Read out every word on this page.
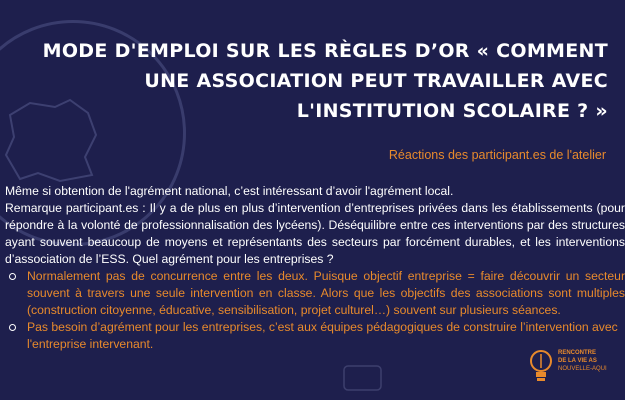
MODE D'EMPLOI SUR LES RÈGLES D’OR « COMMENT
UNE ASSOCIATION PEUT TRAVAILLER AVEC
L'INSTITUTION SCOLAIRE ? »
Réactions des participant.es de l'atelier

Même si obtention de l'agrément national, c’est intéressant d’avoir l'agrément local.

Remarque participant.es : Il y a de plus en plus d’intervention d’entreprises privées dans les établissements (pour répondre à la volonté de professionnalisation des lycéens). Déséquilibre entre ces interventions par des structures ayant souvent beaucoup de moyens et représentants des secteurs par forcément durables, et les interventions d’association de l’ESS. Quel agrément pour les entreprises ?

Normalement pas de concurrence entre les deux. Puisque objectif entreprise = faire découvrir un secteur souvent à travers une seule intervention en classe. Alors que les objectifs des associations sont multiples (construction citoyenne, éducative, sensibilisation, projet culturel…) souvent sur plusieurs séances.
Pas besoin d’agrément pour les entreprises, c’est aux équipes pédagogiques de construire l’intervention avec l'entreprise intervenant.
RENCONTRE
DE LA VIE AS
NOUVELLE-AQUI
